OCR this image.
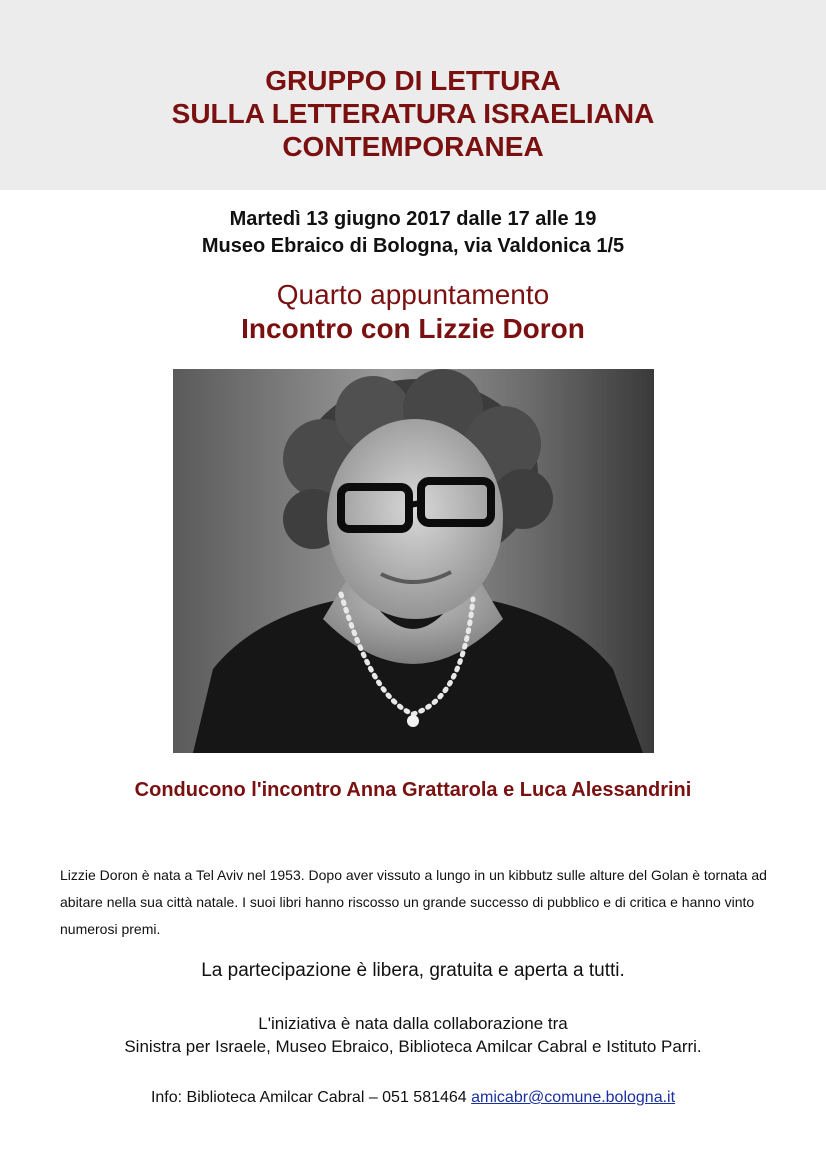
GRUPPO DI LETTURA
SULLA LETTERATURA ISRAELIANA
CONTEMPORANEA
Martedì 13 giugno 2017 dalle 17 alle 19
Museo Ebraico di Bologna, via Valdonica 1/5
Quarto appuntamento
Incontro con Lizzie Doron
Conducono l'incontro Anna Grattarola e Luca Alessandrini

Lizzie Doron è nata a Tel Aviv nel 1953. Dopo aver vissuto a lungo in un kibbutz sulle alture del Golan è tornata ad abitare nella sua città natale. I suoi libri hanno riscosso un grande successo di pubblico e di critica e hanno vinto numerosi premi.

La partecipazione è libera, gratuita e aperta a tutti.
L'iniziativa è nata dalla collaborazione tra
Sinistra per Israele, Museo Ebraico, Biblioteca Amilcar Cabral e Istituto Parri.
Info: Biblioteca Amilcar Cabral – 051 581464 amicabr@comune.bologna.it
